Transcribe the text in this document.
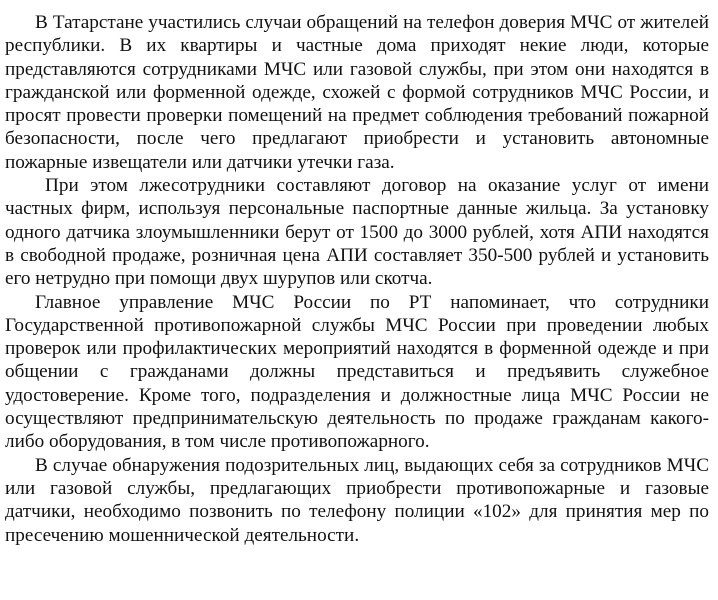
В Татарстане участились случаи обращений на телефон доверия МЧС от жителей республики. В их квартиры и частные дома приходят некие люди, которые представляются сотрудниками МЧС или газовой службы, при этом они находятся в гражданской или форменной одежде, схожей с формой сотрудников МЧС России, и просят провести проверки помещений на предмет соблюдения требований пожарной безопасности, после чего предлагают приобрести и установить автономные пожарные извещатели или датчики утечки газа.

При этом лжесотрудники составляют договор на оказание услуг от имени частных фирм, используя персональные паспортные данные жильца. За установку одного датчика злоумышленники берут от 1500 до 3000 рублей, хотя АПИ находятся в свободной продаже, розничная цена АПИ составляет 350-500 рублей и установить его нетрудно при помощи двух шурупов или скотча.

Главное управление МЧС России по РТ напоминает, что сотрудники Государственной противопожарной службы МЧС России при проведении любых проверок или профилактических мероприятий находятся в форменной одежде и при общении с гражданами должны представиться и предъявить служебное удостоверение. Кроме того, подразделения и должностные лица МЧС России не осуществляют предпринимательскую деятельность по продаже гражданам какого-либо оборудования, в том числе противопожарного.

В случае обнаружения подозрительных лиц, выдающих себя за сотрудников МЧС или газовой службы, предлагающих приобрести противопожарные и газовые датчики, необходимо позвонить по телефону полиции «102» для принятия мер по пресечению мошеннической деятельности.
